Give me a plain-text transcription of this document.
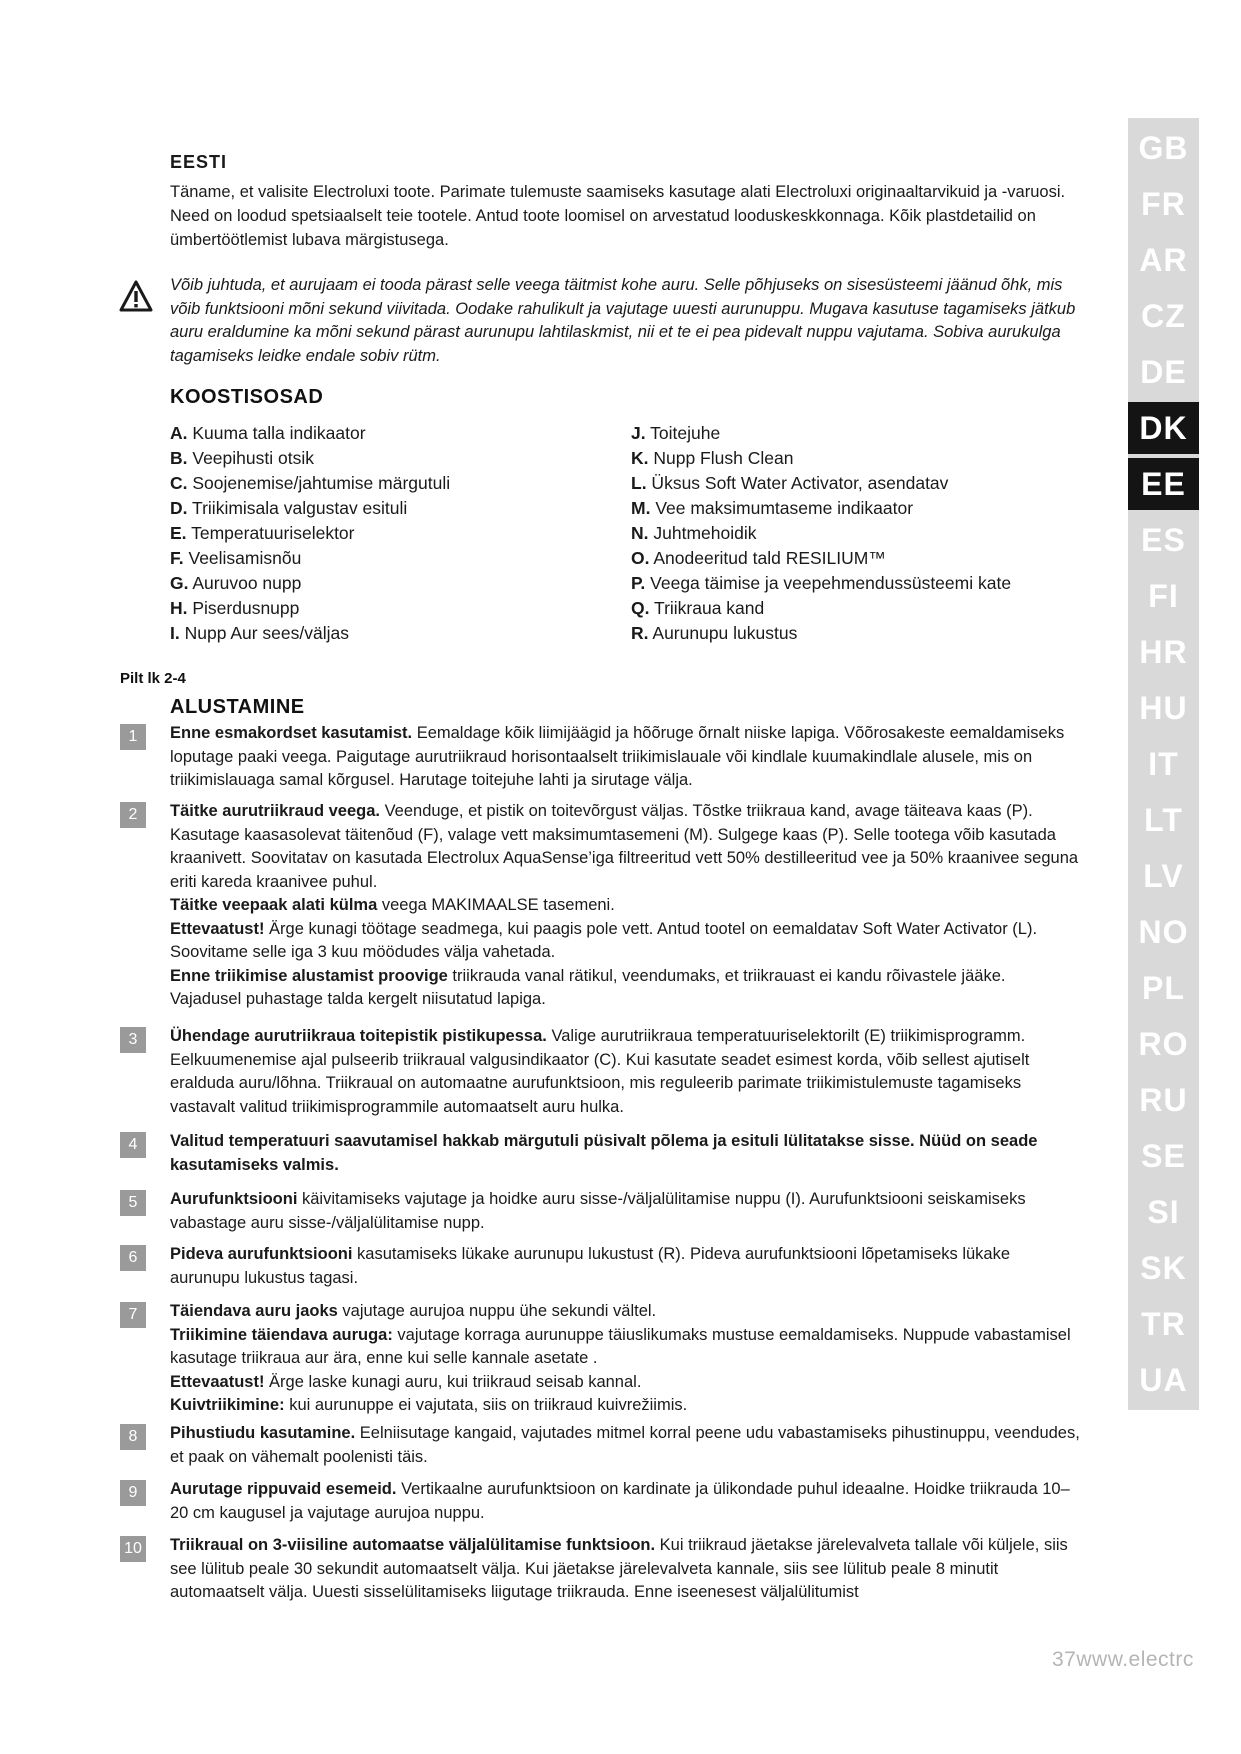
GB
FR
AR
CZ
DE
DK
EE
ES
FI
HR
HU
IT
LT
LV
NO
PL
RO
RU
SE
SI
SK
TR
UA
EESTI
Täname, et valisite Electroluxi toote. Parimate tulemuste saamiseks kasutage alati Electroluxi originaaltarvikuid ja -varuosi. Need on loodud spetsiaalselt teie tootele. Antud toote loomisel on arvestatud looduskeskkonnaga. Kõik plastdetailid on ümbertöötlemist lubava märgistusega.
Võib juhtuda, et aurujaam ei tooda pärast selle veega täitmist kohe auru. Selle põhjuseks on sisesüsteemi jäänud õhk, mis võib funktsiooni mõni sekund viivitada. Oodake rahulikult ja vajutage uuesti aurunuppu. Mugava kasutuse tagamiseks jätkub auru eraldumine ka mõni sekund pärast aurunupu lahtilaskmist, nii et te ei pea pidevalt nuppu vajutama. Sobiva aurukulga tagamiseks leidke endale sobiv rütm.
KOOSTISOSAD
A. Kuuma talla indikaator
B. Veepihusti otsik
C. Soojenemise/jahtumise märgutuli
D. Triikimisala valgustav esituli
E. Temperatuuriselektor
F. Veelisamisnõu
G. Auruvoo nupp
H. Piserdusnupp
I. Nupp Aur sees/väljas
J. Toitejuhe
K. Nupp Flush Clean
L. Üksus Soft Water Activator, asendatav
M. Vee maksimumtaseme indikaator
N. Juhtmehoidik
O. Anodeeritud tald RESILIUM™
P. Veega täimise ja veepehmendussüsteemi kate
Q. Triikraua kand
R. Aurunupu lukustus
Pilt lk 2-4
ALUSTAMINE
1	Enne esmakordset kasutamist. Eemaldage kõik liimijäägid ja hõõruge õrnalt niiske lapiga. Võõrosakeste eemaldamiseks loputage paaki veega. Paigutage aurutriikraud horisontaalselt triikimislauale või kindlale kuumakindlale alusele, mis on triikimislauaga samal kõrgusel. Harutage toitejuhe lahti ja sirutage välja.

2	Täitke aurutriikraud veega. Veenduge, et pistik on toitevõrgust väljas. Tõstke triikraua kand, avage täiteava kaas (P). Kasutage kaasasolevat täitenõud (F), valage vett maksimumtasemeni (M). Sulgege kaas (P). Selle tootega võib kasutada kraanivett. Soovitatav on kasutada Electrolux AquaSense’iga filtreeritud vett 50% destilleeritud vee ja 50% kraanivee seguna eriti kareda kraanivee puhul.

Täitke veepaak alati külma veega MAKIMAALSE tasemeni.

Ettevaatust! Ärge kunagi töötage seadmega, kui paagis pole vett. Antud tootel on eemaldatav Soft Water Activator (L). Soovitame selle iga 3 kuu möödudes välja vahetada.

Enne triikimise alustamist proovige triikrauda vanal rätikul, veendumaks, et triikrauast ei kandu rõivastele jääke. Vajadusel puhastage talda kergelt niisutatud lapiga.

3	Ühendage aurutriikraua toitepistik pistikupessa. Valige aurutriikraua temperatuuriselektorilt (E) triikimisprogramm. Eelkuumenemise ajal pulseerib triikraual valgusindikaator (C). Kui kasutate seadet esimest korda, võib sellest ajutiselt eralduda auru/lõhna. Triikraual on automaatne aurufunktsioon, mis reguleerib parimate triikimistulemuste tagamiseks vastavalt valitud triikimisprogrammile automaatselt auru hulka.

4	Valitud temperatuuri saavutamisel hakkab märgutuli püsivalt põlema ja esituli lülitatakse sisse. Nüüd on seade kasutamiseks valmis.

5	Aurufunktsiooni käivitamiseks vajutage ja hoidke auru sisse-/väljalülitamise nuppu (I). Aurufunktsiooni seiskamiseks vabastage auru sisse-/väljalülitamise nupp.

6	Pideva aurufunktsiooni kasutamiseks lükake aurunupu lukustust (R). Pideva aurufunktsiooni lõpetamiseks lükake aurunupu lukustus tagasi.

7	Täiendava auru jaoks vajutage aurujoa nuppu ühe sekundi vältel.

Triikimine täiendava auruga: vajutage korraga aurunuppe täiuslikumaks mustuse eemaldamiseks. Nuppude vabastamisel kasutage triikraua aur ära, enne kui selle kannale asetate .

Ettevaatust! Ärge laske kunagi auru, kui triikraud seisab kannal.

Kuivtriikimine: kui aurunuppe ei vajutata, siis on triikraud kuivrežiimis.

8	Pihustiudu kasutamine. Eelniisutage kangaid, vajutades mitmel korral peene udu vabastamiseks pihustinuppu, veendudes, et paak on vähemalt poolenisti täis.

9	Aurutage rippuvaid esemeid. Vertikaalne aurufunktsioon on kardinate ja ülikondade puhul ideaalne. Hoidke triikrauda 10–20 cm kaugusel ja vajutage aurujoa nuppu.

10 Triikraual on 3-viisiline automaatse väljalülitamise funktsioon. Kui triikraud jäetakse järelevalveta tallale või küljele, siis see lülitub peale 30 sekundit automaatselt välja. Kui jäetakse järelevalveta kannale, siis see lülitub peale 8 minutit automaatselt välja. Uuesti sisselülitamiseks liigutage triikrauda. Enne iseenesest väljalülitumist

37www.electrc
